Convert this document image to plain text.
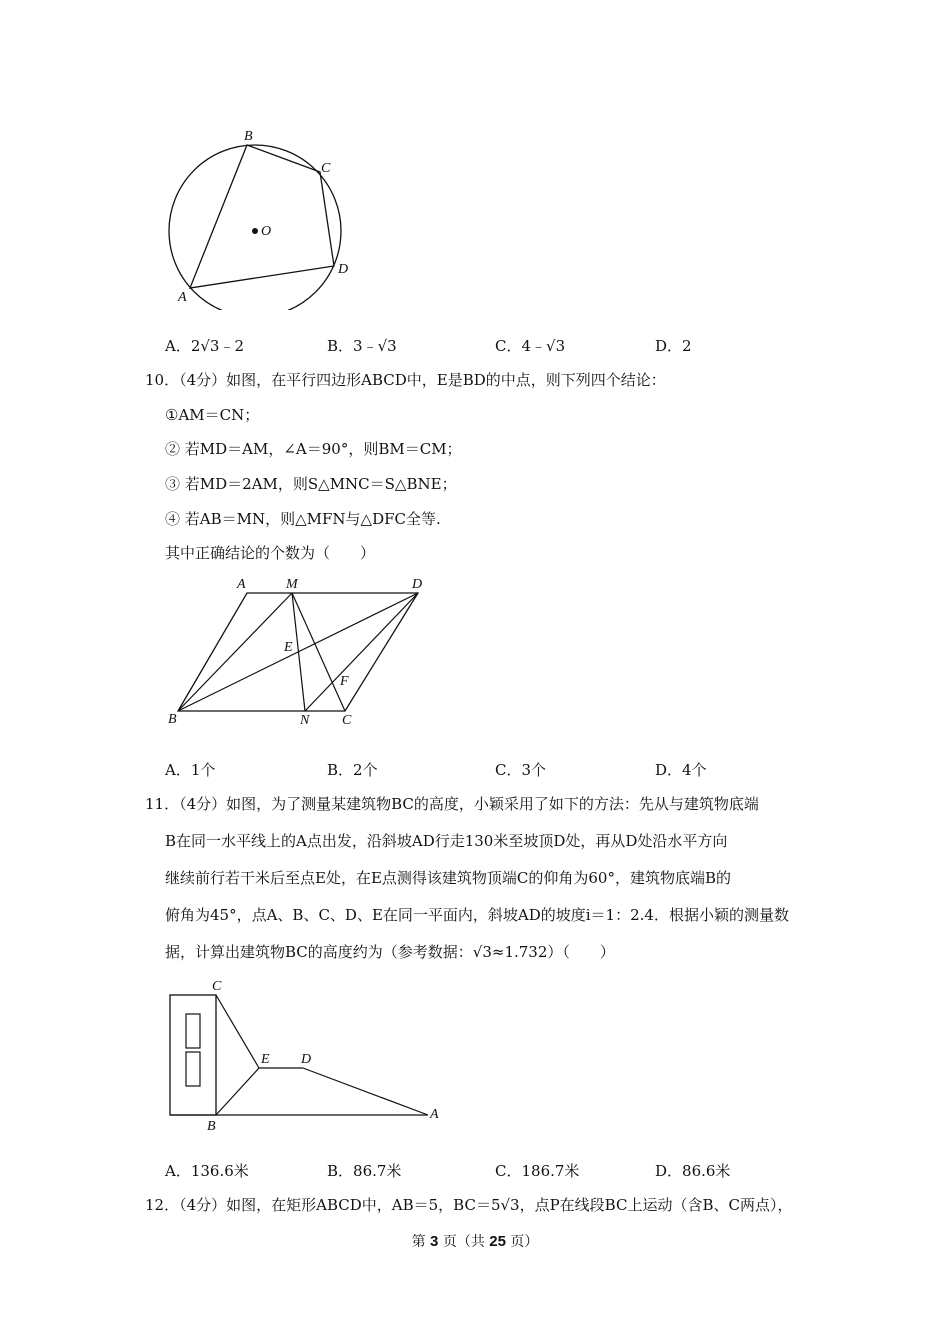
B
C
O
D
A
A．2√3﹣2	B．3﹣√3	C．4﹣√3	D．2
10．（4分）如图，在平行四边形ABCD中，E是BD的中点，则下列四个结论：
①AM＝CN；
② 若MD＝AM，∠A＝90°，则BM＝CM；
③ 若MD＝2AM，则S△MNC＝S△BNE；
④ 若AB＝MN，则△MFN与△DFC全等.
其中正确结论的个数为（　　）
A	M	D
E
F
B	N C
A．1个	B．2个	C．3个	D．4个
11．（4分）如图，为了测量某建筑物BC的高度，小颖采用了如下的方法：先从与建筑物底端
B在同一水平线上的A点出发，沿斜坡AD行走130米至坡顶D处，再从D处沿水平方向
继续前行若干米后至点E处，在E点测得该建筑物顶端C的仰角为60°，建筑物底端B的
俯角为45°，点A、B、C、D、E在同一平面内，斜坡AD的坡度i＝1：2.4．根据小颖的测量数
据，计算出建筑物BC的高度约为（参考数据：√3≈1.732）（　　）
C
E D
B
A
A．136.6米	B．86.7米	C．186.7米	D．86.6米
12．（4分）如图，在矩形ABCD中，AB＝5，BC＝5√3，点P在线段BC上运动（含B、C两点），
第 3 页（共 25 页）
